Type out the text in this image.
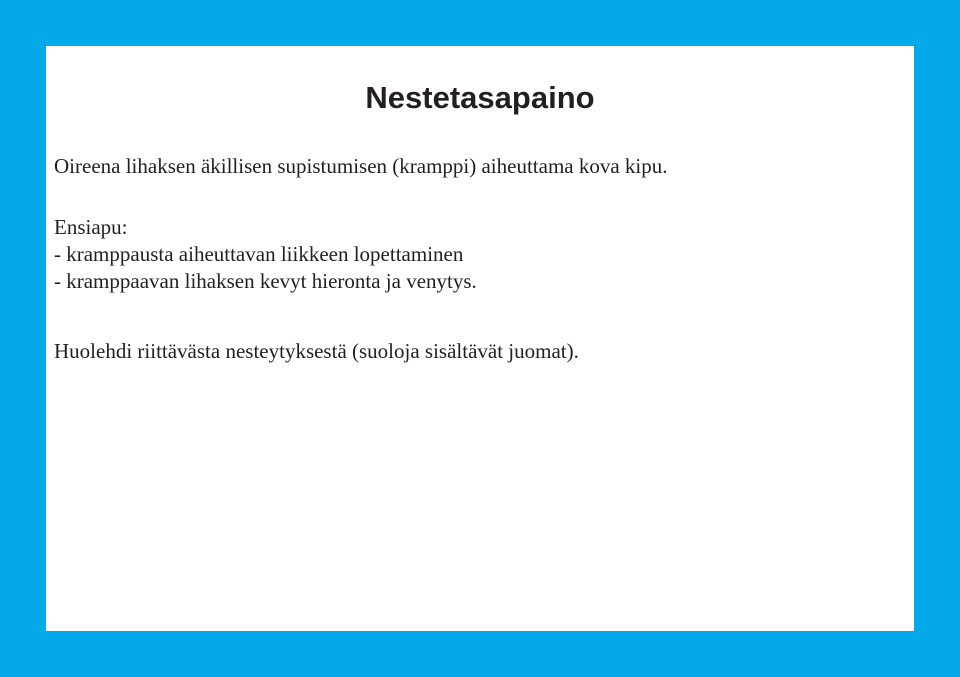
Nestetasapaino

Oireena lihaksen äkillisen supistumisen (kramppi) aiheuttama kova kipu.

Ensiapu:
- kramppausta aiheuttavan liikkeen lopettaminen
- kramppaavan lihaksen kevyt hieronta ja venytys.

Huolehdi riittävästa nesteytyksestä (suoloja sisältävät juomat).
